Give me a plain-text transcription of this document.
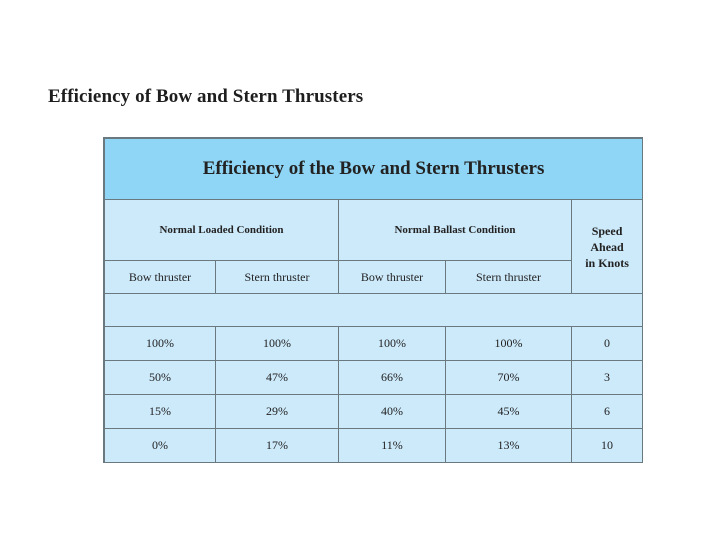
Efficiency of Bow and Stern Thrusters
Efficiency of the Bow and Stern Thrusters				
Normal Loaded Condition		Normal Ballast Condition		Speed
Ahead
in Knots

Bow thruster	Stern thruster	Bow thruster	Stern thruster	

100%	100%	100%	100%	0
50%	47%	66%	70%	3
15%	29%	40%	45%	6
0%	17%	11%	13%	10
